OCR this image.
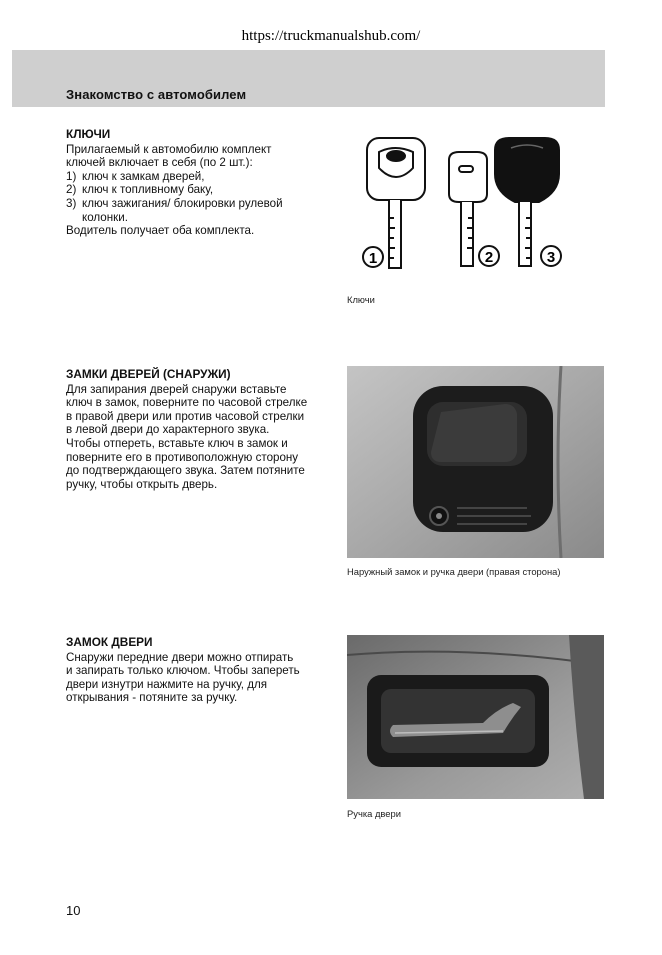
https://truckmanualshub.com/
Знакомство с автомобилем
КЛЮЧИ

Прилагаемый к автомобилю комплект

ключей включает в себя (по 2 шт.):

1) ключ к замкам дверей,
2) ключ к топливному баку,
3) ключ зажигания/ блокировки рулевой
колонки.

Водитель получает оба комплекта.

1	2	3
Ключи
ЗАМКИ ДВЕРЕЙ (СНАРУЖИ)

Для запирания дверей снаружи вставьте

ключ в замок, поверните по часовой стрелке

в правой двери или против часовой стрелки

в левой двери до характерного звука.

Чтобы отпереть, вставьте ключ в замок и

поверните его в противоположную сторону

до подтверждающего звука. Затем потяните

ручку, чтобы открыть дверь.

Наружный замок и ручка двери (правая сторона)
ЗАМОК ДВЕРИ

Снаружи передние двери можно отпирать

и запирать только ключом. Чтобы запереть

двери изнутри нажмите на ручку, для

открывания - потяните за ручку.

Ручка двери
10
